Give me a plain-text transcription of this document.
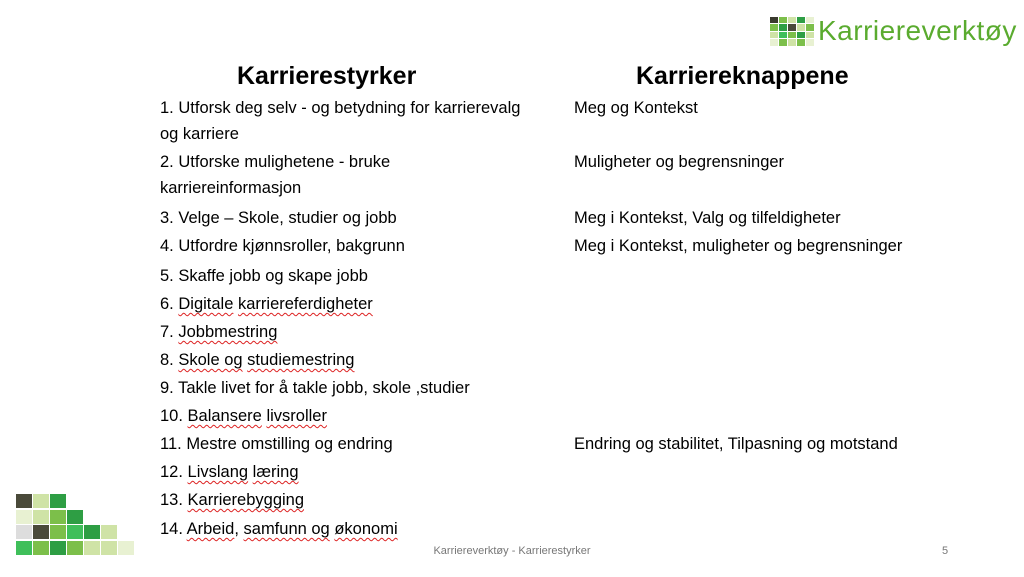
Karriereverktøy
Karrierestyrker	Karriereknappene
1. Utforsk deg selv - og betydning for karrierevalg
og karriere
2. Utforske mulighetene - bruke
karriereinformasjon
3. Velge – Skole, studier og jobb
4. Utfordre kjønnsroller, bakgrunn
5. Skaffe jobb og skape jobb
6. Digitale karriereferdigheter
7. Jobbmestring
8. Skole og studiemestring
9. Takle livet for å takle jobb, skole ,studier
10. Balansere livsroller
11. Mestre omstilling og endring
12. Livslang læring
13. Karrierebygging
14. Arbeid, samfunn og økonomi
Meg og Kontekst
Muligheter og begrensninger
Meg i Kontekst, Valg og tilfeldigheter
Meg i Kontekst, muligheter og begrensninger
Endring og stabilitet, Tilpasning og motstand
Karriereverktøy - Karrierestyrker	5
